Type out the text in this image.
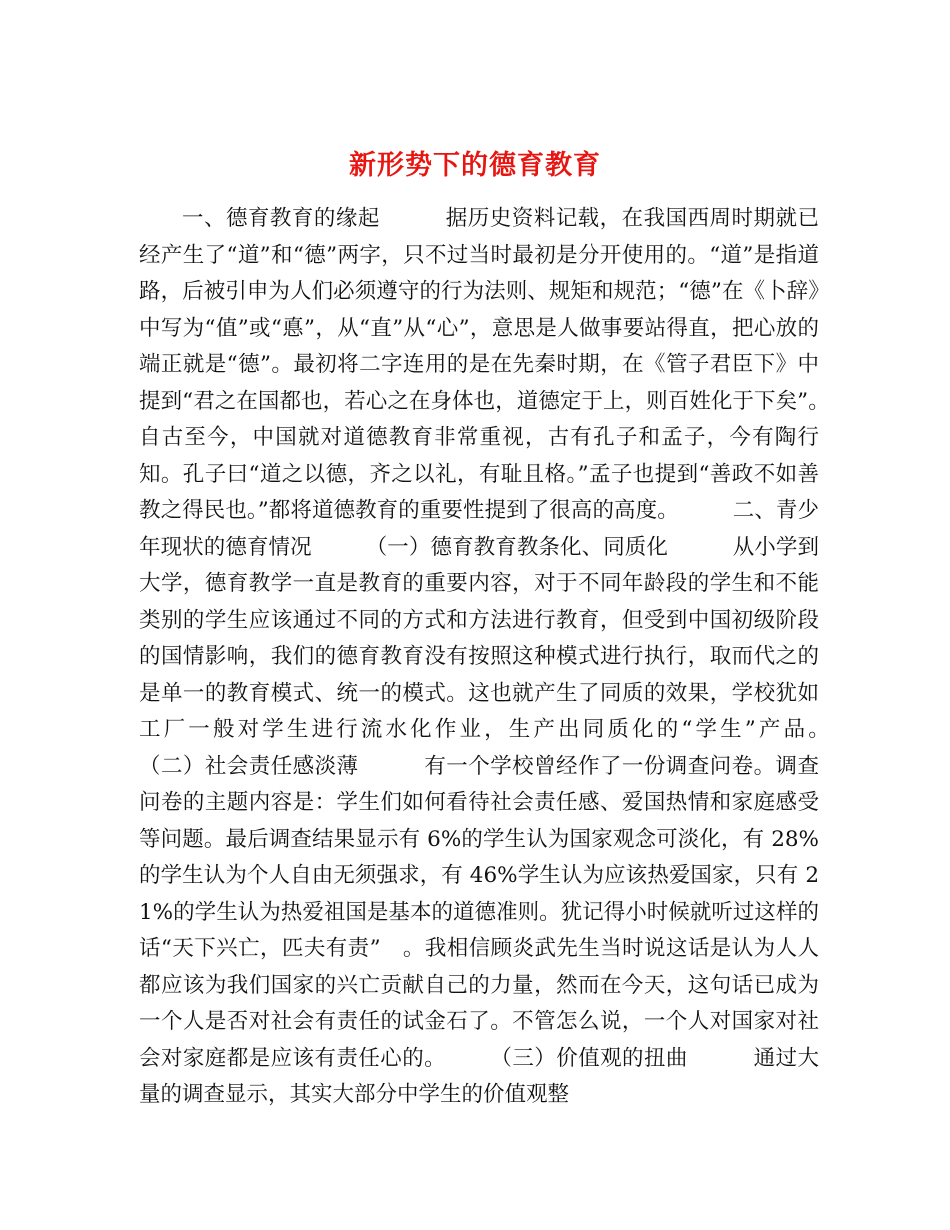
新形势下的德育教育

一、德育教育的缘起　　　据历史资料记载，在我国西周时期就已经产生了“道”和“德”两字，只不过当时最初是分开使用的。“道”是指道路，后被引申为人们必须遵守的行为法则、规矩和规范；“德”在《卜辞》中写为“值”或“悳”，从“直”从“心”，意思是人做事要站得直，把心放的端正就是“德”。最初将二字连用的是在先秦时期，在《管子君臣下》中提到“君之在国都也，若心之在身体也，道德定于上，则百姓化于下矣”。　　　自古至今，中国就对道德教育非常重视，古有孔子和孟子，今有陶行知。孔子曰“道之以德，齐之以礼，有耻且格。”孟子也提到“善政不如善教之得民也。”都将道德教育的重要性提到了很高的高度。　　　二、青少年现状的德育情况　　　（一）德育教育教条化、同质化　　　从小学到大学，德育教学一直是教育的重要内容，对于不同年龄段的学生和不能类别的学生应该通过不同的方式和方法进行教育，但受到中国初级阶段的国情影响，我们的德育教育没有按照这种模式进行执行，取而代之的是单一的教育模式、统一的模式。这也就产生了同质的效果，学校犹如工厂一般对学生进行流水化作业，生产出同质化的“学生”产品。　　　（二）社会责任感淡薄　　　有一个学校曾经作了一份调查问卷。调查问卷的主题内容是：学生们如何看待社会责任感、爱国热情和家庭感受等问题。最后调查结果显示有 6%的学生认为国家观念可淡化，有 28%的学生认为个人自由无须强求，有 46%学生认为应该热爱国家，只有 21%的学生认为热爱祖国是基本的道德准则。犹记得小时候就听过这样的话“天下兴亡，匹夫有责”　。我相信顾炎武先生当时说这话是认为人人都应该为我们国家的兴亡贡献自己的力量，然而在今天，这句话已成为一个人是否对社会有责任的试金石了。不管怎么说，一个人对国家对社会对家庭都是应该有责任心的。　　　（三）价值观的扭曲　　　通过大量的调查显示，其实大部分中学生的价值观整
